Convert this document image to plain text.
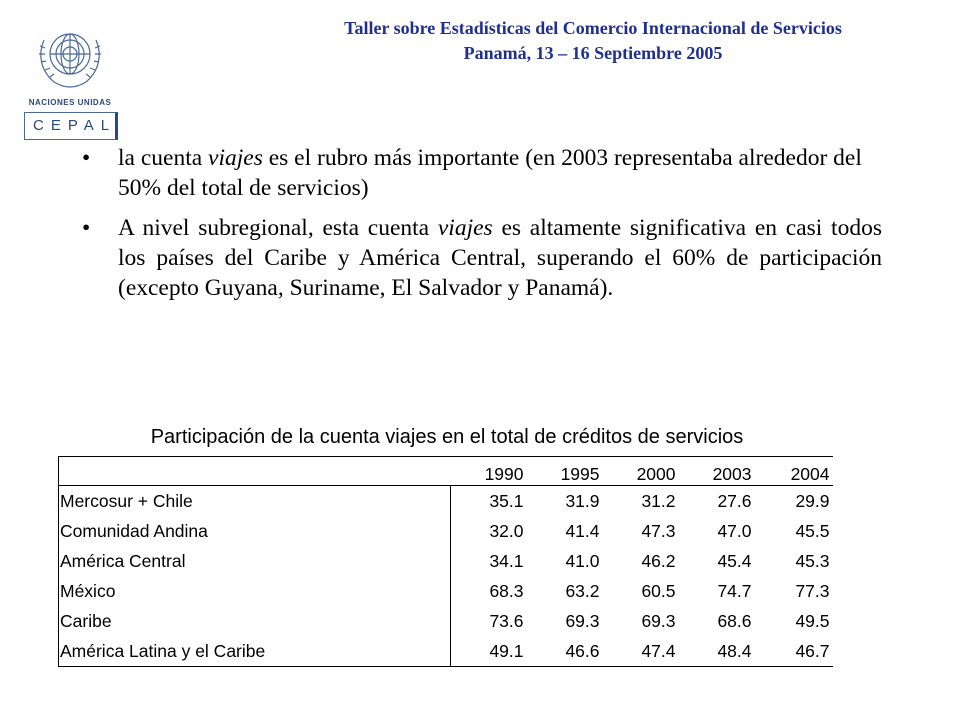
NACIONES UNIDAS
CEPAL
Taller sobre Estadísticas del Comercio Internacional de Servicios
Panamá, 13 – 16 Septiembre 2005
• la cuenta viajes es el rubro más importante (en 2003 representaba alrededor del 50% del total de servicios)
• A nivel subregional, esta cuenta viajes es altamente significativa en casi todos los países del Caribe y América Central, superando el 60% de participación (excepto Guyana, Suriname, El Salvador y Panamá).
Participación de la cuenta viajes en el total de créditos de servicios
	1990	1995	2000	2003	2004
Mercosur + Chile	35.1	31.9	31.2	27.6	29.9
Comunidad Andina	32.0	41.4	47.3	47.0	45.5
América Central	34.1	41.0	46.2	45.4	45.3
México	68.3	63.2	60.5	74.7	77.3
Caribe	73.6	69.3	69.3	68.6	49.5
América Latina y el Caribe	49.1	46.6	47.4	48.4	46.7
